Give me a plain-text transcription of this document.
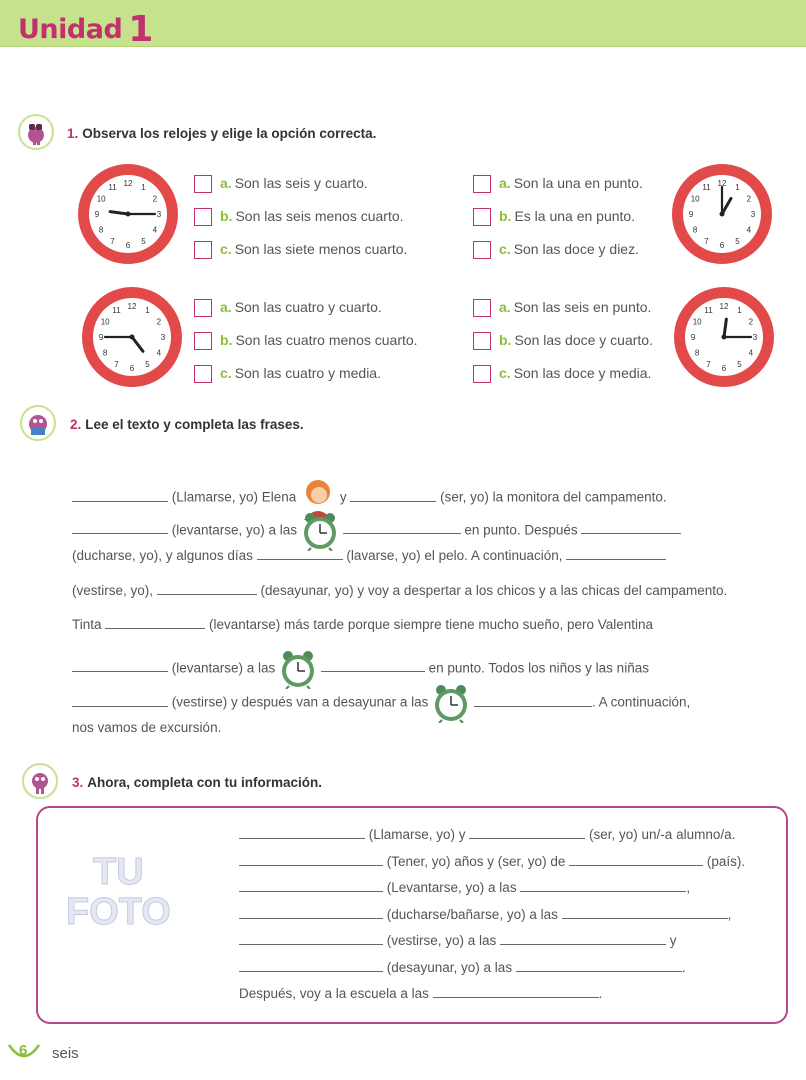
Unidad 1
1. Observa los relojes y elige la opción correcta.
1
2
3
4
5
6
7
8
9
10
11 12	1
2
3
4
5
6
7
8
9
10
11 12
1
2
3
4
5
6
7
8
9
10
11 12	1
2
3
4
5
6
7
8
9
10
11 12
a. Son las seis y cuarto.
b. Son las seis menos cuarto.
c. Son las siete menos cuarto.
a. Son la una en punto.
b. Es la una en punto.
c. Son las doce y diez.
a. Son las cuatro y cuarto.
b. Son las cuatro menos cuarto.
c. Son las cuatro y media.
a. Son las seis en punto.
b. Son las doce y cuarto.
c. Son las doce y media.
2. Lee el texto y completa las frases.
(Llamarse, yo) Elena	y	(ser, yo) la monitora del campamento.
(levantarse, yo) a las	en punto. Después
(ducharse, yo), y algunos días	(lavarse, yo) el pelo. A continuación,
(vestirse, yo),	(desayunar, yo) y voy a despertar a los chicos y a las chicas del campamento.
Tinta	(levantarse) más tarde porque siempre tiene mucho sueño, pero Valentina
(levantarse) a las	en punto. Todos los niños y las niñas
(vestirse) y después van a desayunar a las	. A continuación,
nos vamos de excursión.
3. Ahora, completa con tu información.
TU
FOTO
(Llamarse, yo) y	(ser, yo) un/-a alumno/a.
(Tener, yo) años y (ser, yo) de	(país).
(Levantarse, yo) a las	,
(ducharse/bañarse, yo) a las	,
(vestirse, yo) a las	y
(desayunar, yo) a las	.
Después, voy a la escuela a las	.
6 seis
